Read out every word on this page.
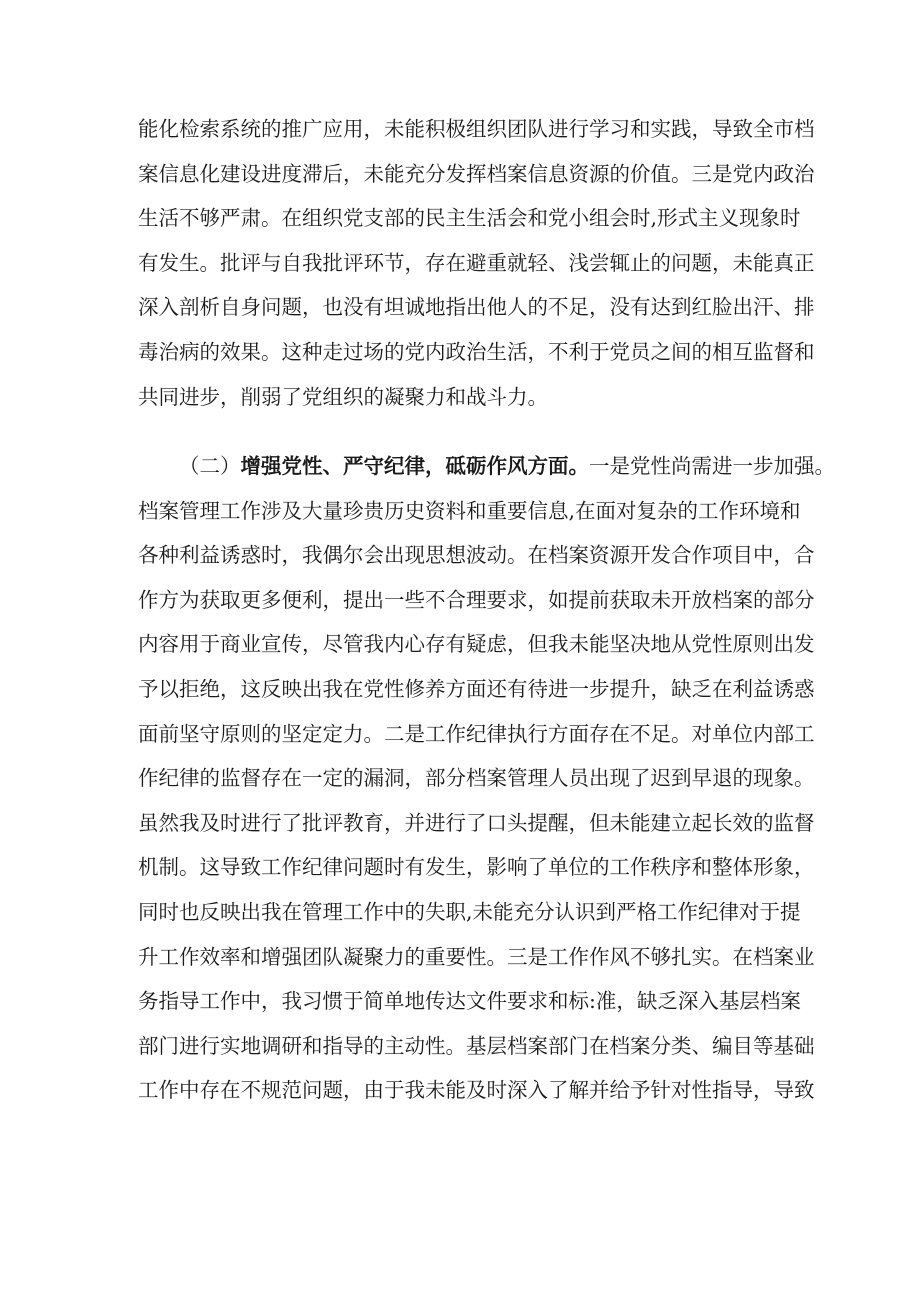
能化检索系统的推广应用，未能积极组织团队进行学习和实践，导致全市档
案信息化建设进度滞后，未能充分发挥档案信息资源的价值。三是党内政治
生活不够严肃。在组织党支部的民主生活会和党小组会时,形式主义现象时
有发生。批评与自我批评环节，存在避重就轻、浅尝辄止的问题，未能真正
深入剖析自身问题，也没有坦诚地指出他人的不足，没有达到红脸出汗、排
毒治病的效果。这种走过场的党内政治生活，不利于党员之间的相互监督和
共同进步，削弱了党组织的凝聚力和战斗力。
（二）增强党性、严守纪律，砥砺作风方面。一是党性尚需进一步加强。
档案管理工作涉及大量珍贵历史资料和重要信息,在面对复杂的工作环境和
各种利益诱惑时，我偶尔会出现思想波动。在档案资源开发合作项目中，合
作方为获取更多便利，提出一些不合理要求，如提前获取未开放档案的部分
内容用于商业宣传，尽管我内心存有疑虑，但我未能坚决地从党性原则出发
予以拒绝，这反映出我在党性修养方面还有待进一步提升，缺乏在利益诱惑
面前坚守原则的坚定定力。二是工作纪律执行方面存在不足。对单位内部工
作纪律的监督存在一定的漏洞，部分档案管理人员出现了迟到早退的现象。
虽然我及时进行了批评教育，并进行了口头提醒，但未能建立起长效的监督
机制。这导致工作纪律问题时有发生，影响了单位的工作秩序和整体形象，
同时也反映出我在管理工作中的失职,未能充分认识到严格工作纪律对于提
升工作效率和增强团队凝聚力的重要性。三是工作作风不够扎实。在档案业
务指导工作中，我习惯于简单地传达文件要求和标:准，缺乏深入基层档案
部门进行实地调研和指导的主动性。基层档案部门在档案分类、编目等基础
工作中存在不规范问题，由于我未能及时深入了解并给予针对性指导，导致
